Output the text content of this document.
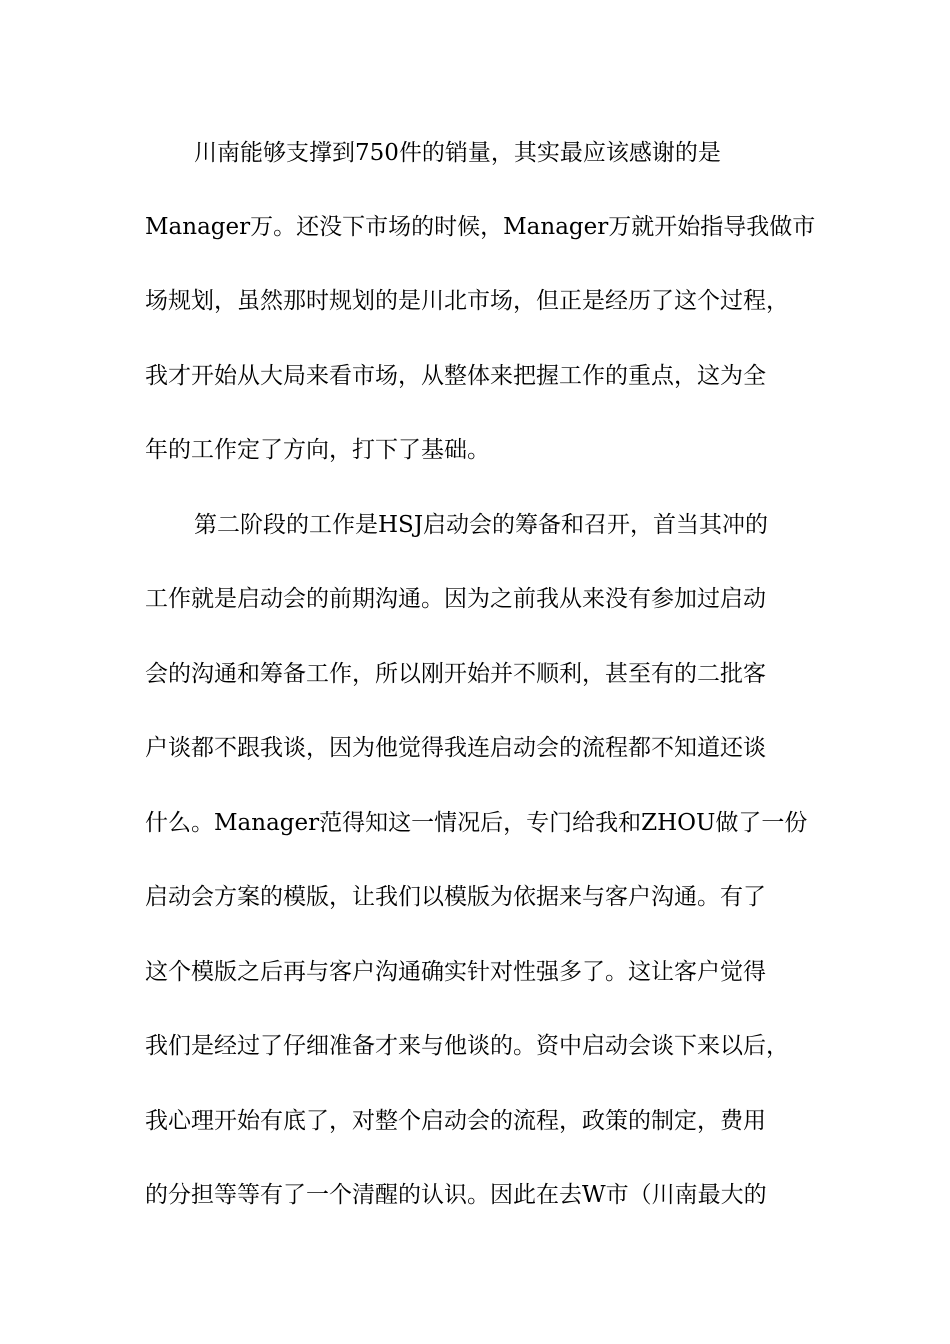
川南能够支撑到750件的销量，其实最应该感谢的是
Manager万。还没下市场的时候，Manager万就开始指导我做市
场规划，虽然那时规划的是川北市场，但正是经历了这个过程，
我才开始从大局来看市场，从整体来把握工作的重点，这为全
年的工作定了方向，打下了基础。
第二阶段的工作是HSJ启动会的筹备和召开，首当其冲的
工作就是启动会的前期沟通。因为之前我从来没有参加过启动
会的沟通和筹备工作，所以刚开始并不顺利，甚至有的二批客
户谈都不跟我谈，因为他觉得我连启动会的流程都不知道还谈
什么。Manager范得知这一情况后，专门给我和ZHOU做了一份
启动会方案的模版，让我们以模版为依据来与客户沟通。有了
这个模版之后再与客户沟通确实针对性强多了。这让客户觉得
我们是经过了仔细准备才来与他谈的。资中启动会谈下来以后，
我心理开始有底了，对整个启动会的流程，政策的制定，费用
的分担等等有了一个清醒的认识。因此在去W市（川南最大的
